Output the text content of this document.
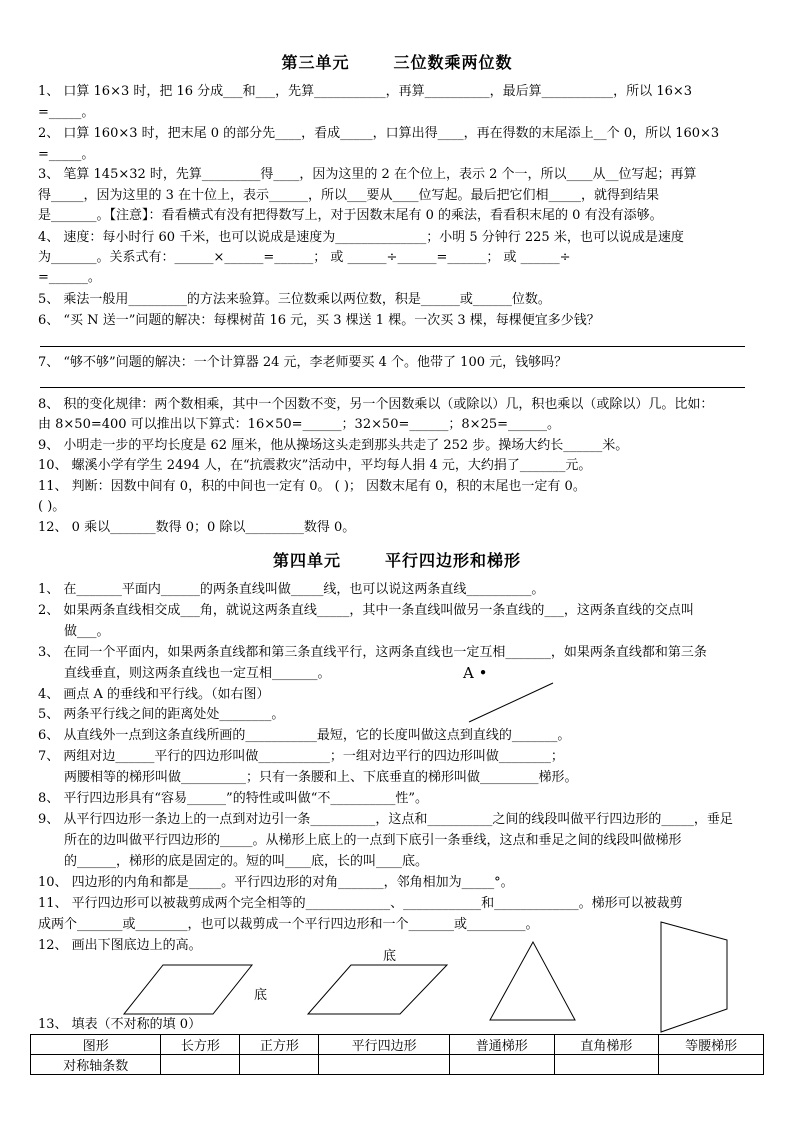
第三单元	三位数乘两位数
1、 口算 16×3 时，把 16 分成___和___，先算___________，再算__________，最后算___________，所以 16×3
=_____。
2、 口算 160×3 时，把末尾 0 的部分先____，看成_____，口算出得____，再在得数的末尾添上__个 0，所以 160×3
=_____。
3、 笔算 145×32 时，先算_________得____，因为这里的 2 在个位上，表示 2 个一，所以____从__位写起；再算
得_____，因为这里的 3 在十位上，表示______，所以___要从____位写起。最后把它们相_____，就得到结果
是_______。【注意】：看看横式有没有把得数写上，对于因数末尾有 0 的乘法，看看积末尾的 0 有没有添够。
4、 速度：每小时行 60 千米，也可以说成是速度为______________；小明 5 分钟行 225 米，也可以说成是速度
为_______。关系式有：______×______=______； 或 ______÷______=______； 或 ______÷
=______。
5、 乘法一般用_________的方法来验算。三位数乘以两位数，积是______或______位数。
6、 “买 N 送一”问题的解决：每棵树苗 16 元，买 3 棵送 1 棵。一次买 3 棵，每棵便宜多少钱？
7、 “够不够”问题的解决：一个计算器 24 元，李老师要买 4 个。他带了 100 元，钱够吗？
8、 积的变化规律：两个数相乘，其中一个因数不变，另一个因数乘以（或除以）几，积也乘以（或除以）几。比如：
由 8×50=400 可以推出以下算式：16×50=______；32×50=______；8×25=______。
9、 小明走一步的平均长度是 62 厘米，他从操场这头走到那头共走了 252 步。操场大约长______米。
10、 螺溪小学有学生 2494 人，在“抗震救灾”活动中，平均每人捐 4 元，大约捐了_______元。
11、 判断：因数中间有 0，积的中间也一定有 0。 ( )； 因数末尾有 0，积的末尾也一定有 0。
( )。
12、 0 乘以_______数得 0；0 除以_________数得 0。
第四单元	平行四边形和梯形
1、 在_______平面内______的两条直线叫做_____线，也可以说这两条直线__________。
2、 如果两条直线相交成___角，就说这两条直线_____，其中一条直线叫做另一条直线的___，这两条直线的交点叫
做___。
3、 在同一个平面内，如果两条直线都和第三条直线平行，这两条直线也一定互相_______，如果两条直线都和第三条
直线垂直，则这两条直线也一定互相_______。
4、 画点 A 的垂线和平行线。（如右图）
5、 两条平行线之间的距离处处________。
6、 从直线外一点到这条直线所画的___________最短，它的长度叫做这点到直线的_______。
7、 两组对边______平行的四边形叫做___________；一组对边平行的四边形叫做________；
两腰相等的梯形叫做__________；只有一条腰和上、下底垂直的梯形叫做_________梯形。
8、 平行四边形具有“容易______”的特性或叫做“不__________性”。
9、 从平行四边形一条边上的一点到对边引一条__________，这点和__________之间的线段叫做平行四边形的_____，垂足
所在的边叫做平行四边形的_____。从梯形上底上的一点到下底引一条垂线，这点和垂足之间的线段叫做梯形
的______，梯形的底是固定的。短的叫____底，长的叫____底。
10、 四边形的内角和都是_____。平行四边形的对角_______，邻角相加为_____°。
11、 平行四边形可以被裁剪成两个完全相等的_____________、____________和_____________。梯形可以被裁剪
成两个_______或________，也可以裁剪成一个平行四边形和一个_______或_________。
12、 画出下图底边上的高。
13、 填表（不对称的填 0）
A •
底
底
图形	长方形	正方形	平行四边形	普通梯形	直角梯形	等腰梯形
对称轴条数						
